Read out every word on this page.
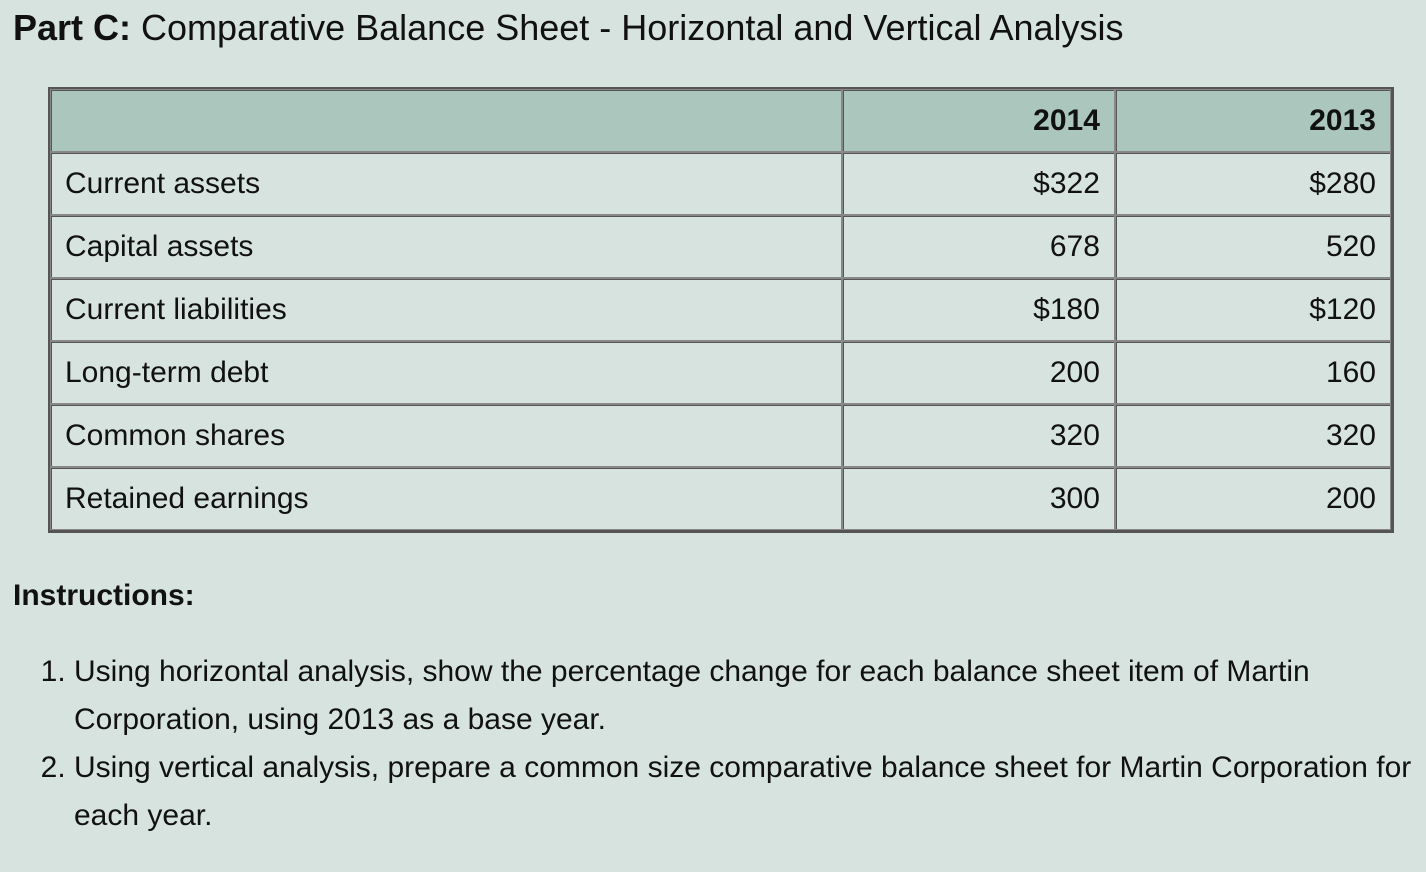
Part C: Comparative Balance Sheet - Horizontal and Vertical Analysis
	2014	2013
Current assets	$322	$280
Capital assets	678	520
Current liabilities	$180	$120
Long-term debt	200	160
Common shares	320	320
Retained earnings	300	200
Instructions:
1. Using horizontal analysis, show the percentage change for each balance sheet item of Martin Corporation, using 2013 as a base year.
2. Using vertical analysis, prepare a common size comparative balance sheet for Martin Corporation for each year.
